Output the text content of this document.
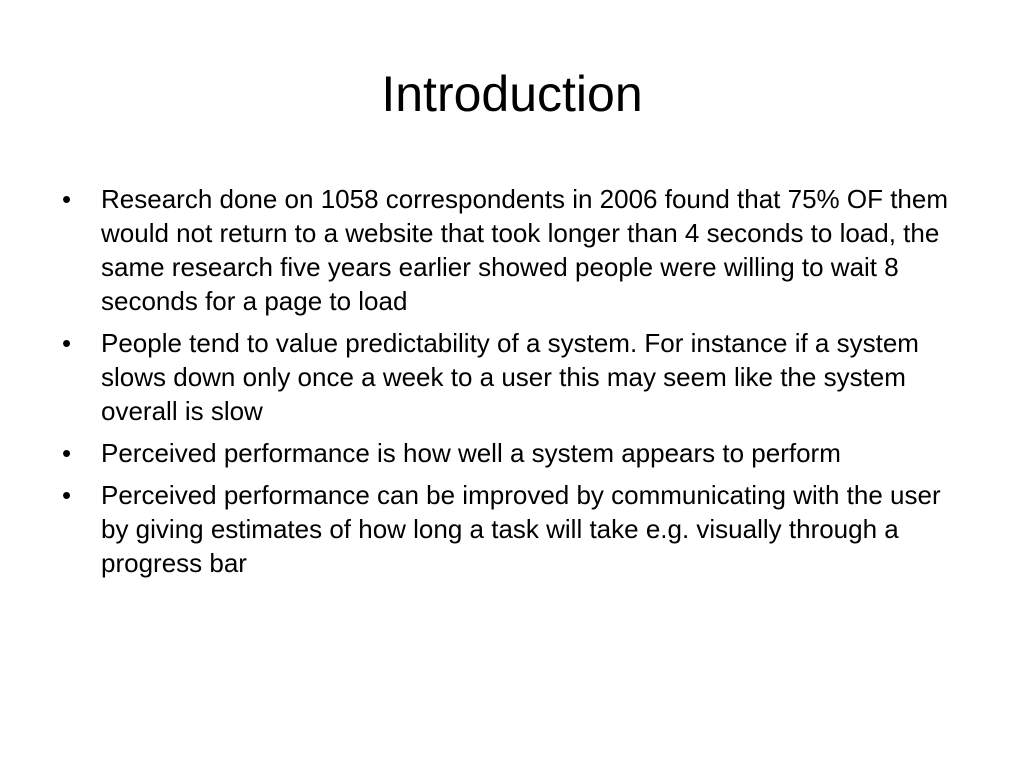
Introduction
•	Research done on 1058 correspondents in 2006 found that 75% OF them would not return to a website that took longer than 4 seconds to load, the same research five years earlier showed people were willing to wait 8 seconds for a page to load
•	People tend to value predictability of a system. For instance if a system slows down only once a week to a user this may seem like the system overall is slow
•	Perceived performance is how well a system appears to perform
•	Perceived performance can be improved by communicating with the user by giving estimates of how long a task will take e.g. visually through a progress bar
